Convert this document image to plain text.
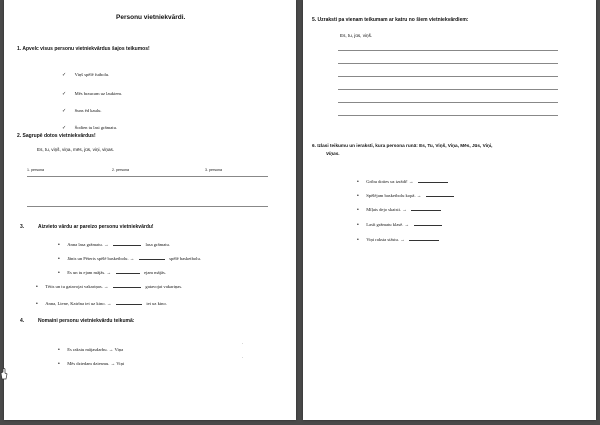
Personu vietniekvārdi.
1. Apvelc visus personu vietniekvārdus šajos teikumos!
✓ Viņš spēlē futbolu.
✓ Mēs braucam uz laukiem.
✓ Suns ēd kaulu.
✓ Šodien tu lasi grāmatu.
2. Sagrupē dotos vietniekvārdus!
Es, tu, viņš, viņa, mēs, jūs, viņi, viņas.
1. persona	2. persona	3. persona
3.	Aizvieto vārdu ar pareizo personu vietniekvārdu!
• Anna lasa grāmatu. →	lasa grāmatu.
• Jānis un Pēteris spēlē basketbolu. →	spēlē basketbolu.
• Es un tu ejam mājās. →	ejam mājās.
• Tētis un tu gatavojat vakariņas. →	gatavojat vakariņas.
• Anna, Liene, Katrīna iet uz kino. →	iet uz kino.
4.	Nomaini personu vietniekvārdu teikumā:
• Es rakstu mājasdarbu. → Viņa
.
• Mēs dziedam dziesmu. → Viņi
.
5. Uzraksti pa vienam teikumam ar katru no šiem vietniekvārdiem:
Es, tu, jūs, viņš.
6. Izlasi teikumu un ieraksti, kura persona runā: Es, Tu, Viņš, Viņa, Mēs, Jūs, Viņi,
Viņas.
• Gribu doties uz izrādi! →
• Spēlējam basketbolu kopā. →
• Mīļais dejo skaisti. →
• Lasīt grāmatu klasē. →
• Viņi raksta stāstu. →
